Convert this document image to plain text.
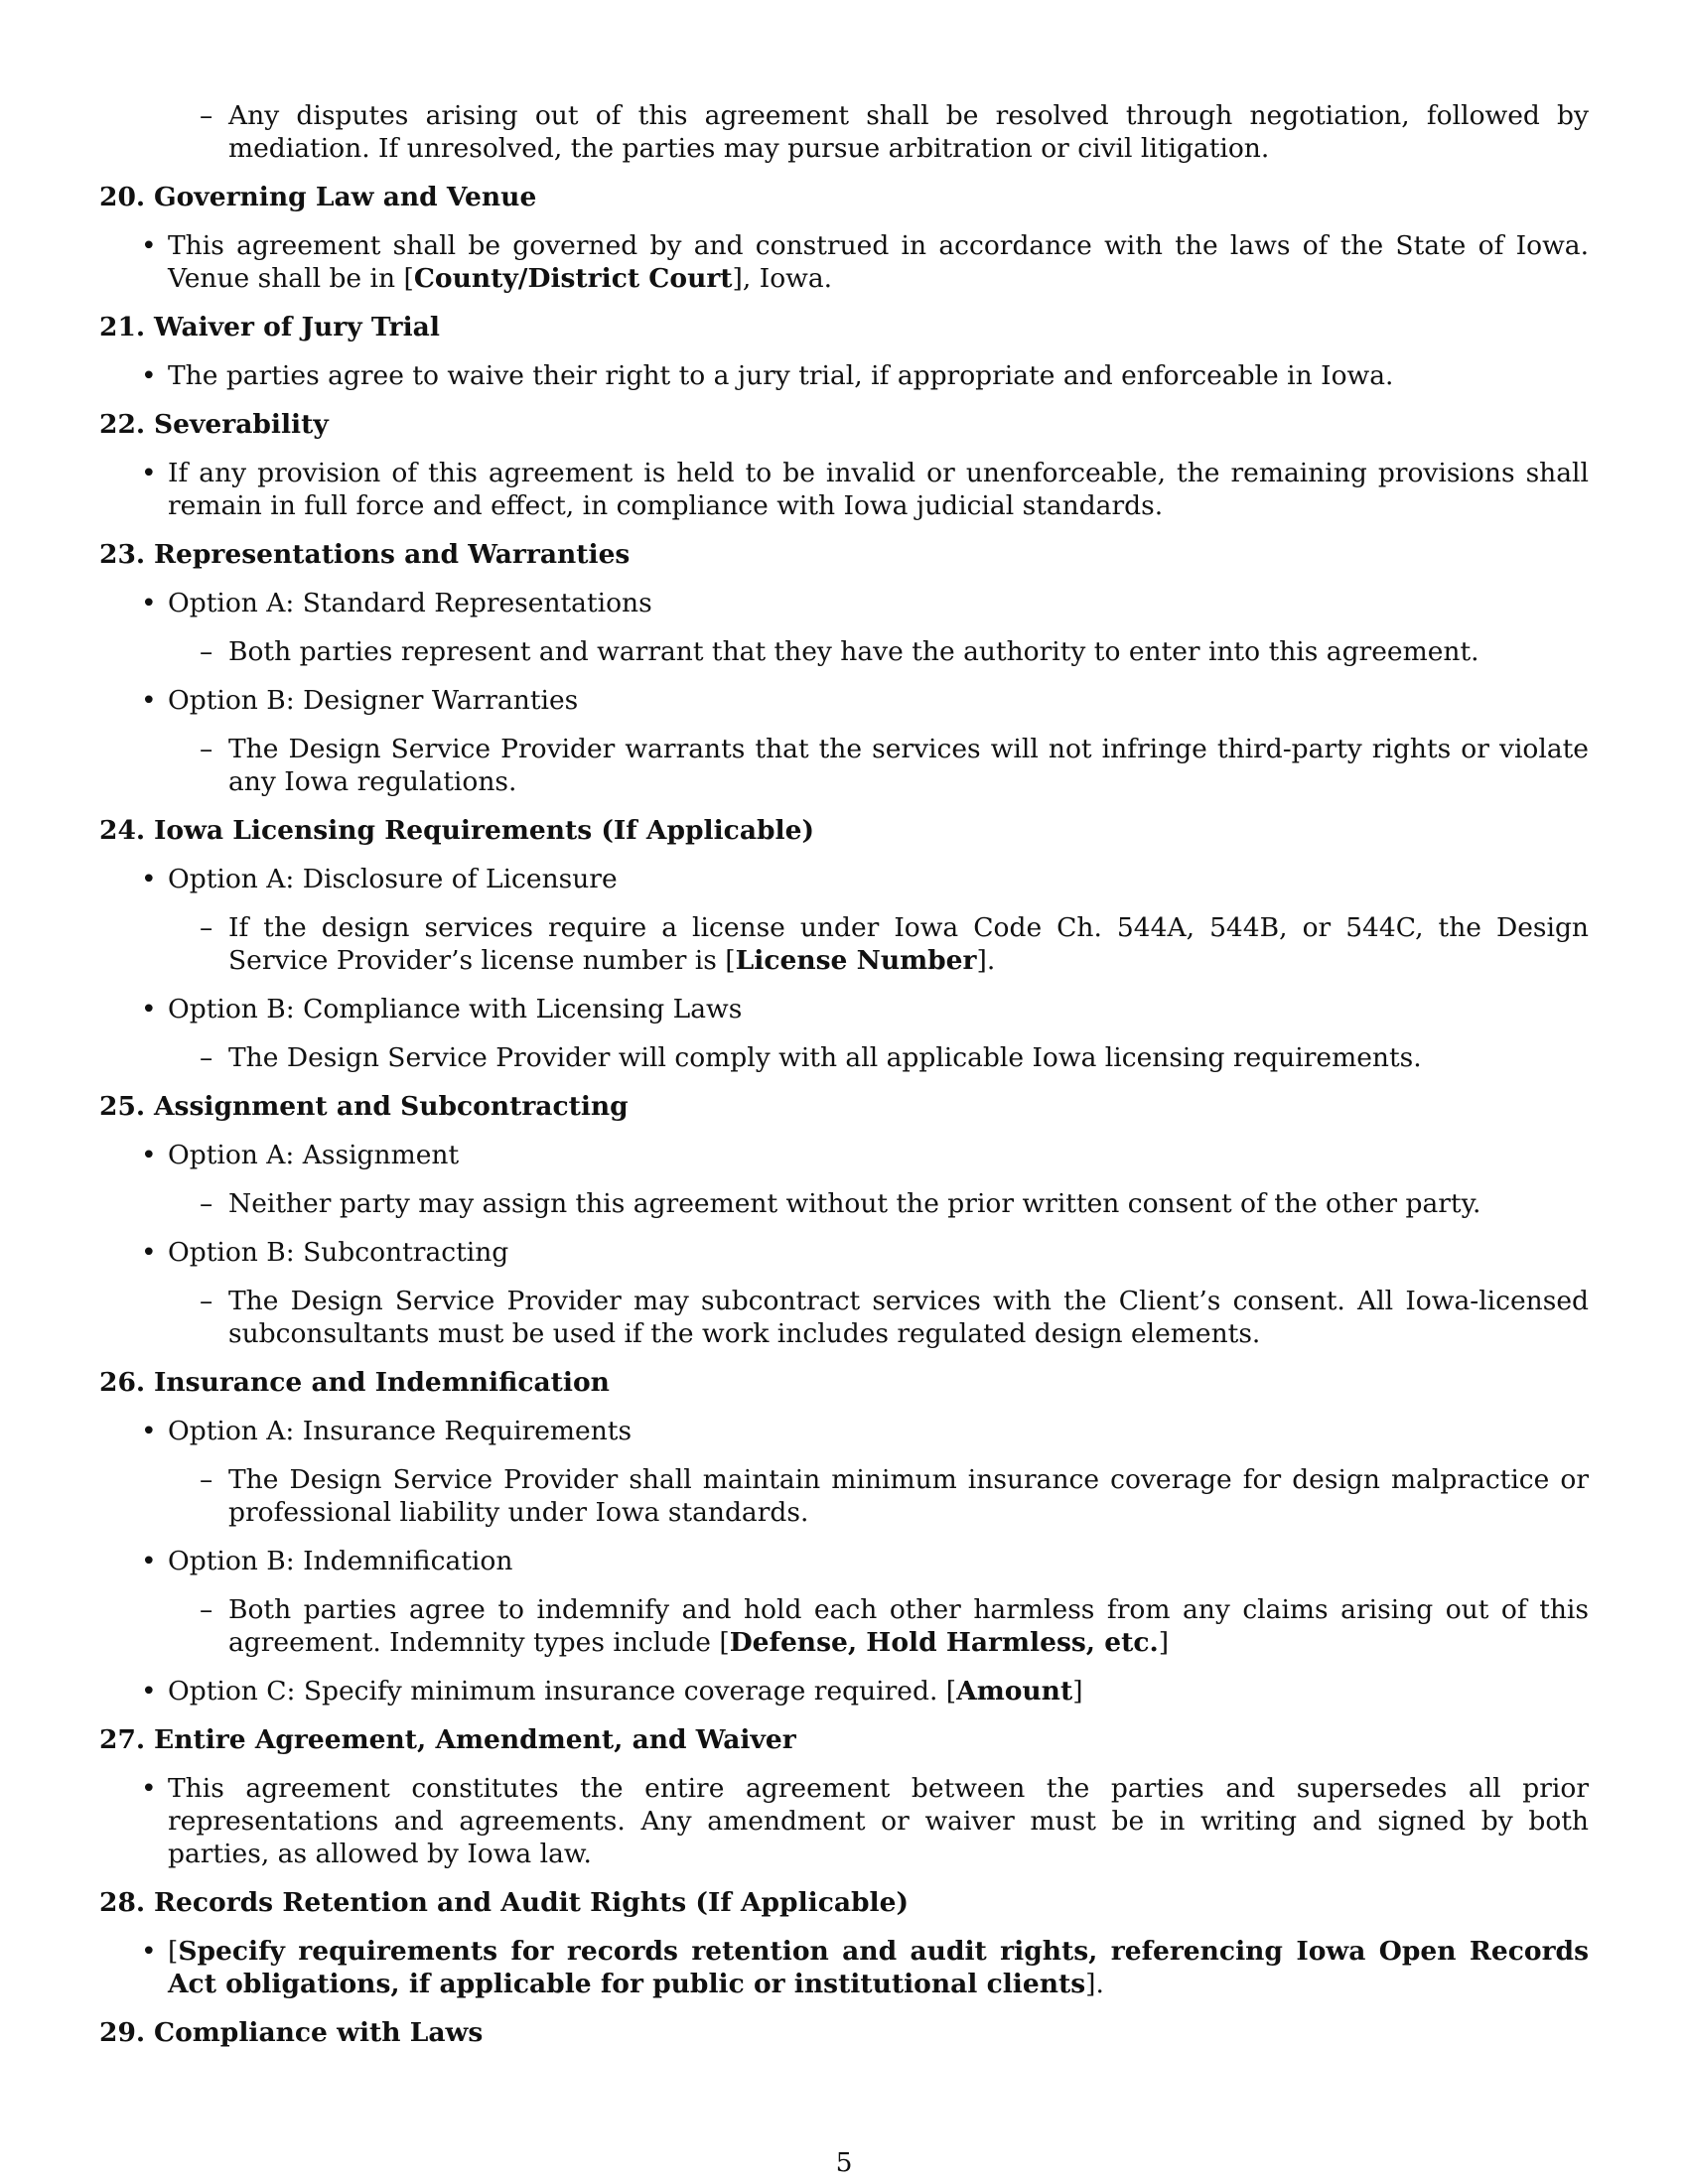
– Any disputes arising out of this agreement shall be resolved through negotiation, followed by mediation. If unresolved, the parties may pursue arbitration or civil litigation.
20. Governing Law and Venue
• This agreement shall be governed by and construed in accordance with the laws of the State of Iowa. Venue shall be in [County/District Court], Iowa.
21. Waiver of Jury Trial
• The parties agree to waive their right to a jury trial, if appropriate and enforceable in Iowa.
22. Severability
• If any provision of this agreement is held to be invalid or unenforceable, the remaining provisions shall remain in full force and effect, in compliance with Iowa judicial standards.
23. Representations and Warranties
• Option A: Standard Representations
– Both parties represent and warrant that they have the authority to enter into this agreement.
• Option B: Designer Warranties
– The Design Service Provider warrants that the services will not infringe third-party rights or violate any Iowa regulations.
24. Iowa Licensing Requirements (If Applicable)
• Option A: Disclosure of Licensure
– If the design services require a license under Iowa Code Ch. 544A, 544B, or 544C, the Design Service Provider’s license number is [License Number].
• Option B: Compliance with Licensing Laws
– The Design Service Provider will comply with all applicable Iowa licensing requirements.
25. Assignment and Subcontracting
• Option A: Assignment
– Neither party may assign this agreement without the prior written consent of the other party.
• Option B: Subcontracting
– The Design Service Provider may subcontract services with the Client’s consent. All Iowa-licensed subconsultants must be used if the work includes regulated design elements.
26. Insurance and Indemnification
• Option A: Insurance Requirements
– The Design Service Provider shall maintain minimum insurance coverage for design malpractice or professional liability under Iowa standards.
• Option B: Indemnification
– Both parties agree to indemnify and hold each other harmless from any claims arising out of this agreement. Indemnity types include [Defense, Hold Harmless, etc.]
• Option C: Specify minimum insurance coverage required. [Amount]
27. Entire Agreement, Amendment, and Waiver
• This agreement constitutes the entire agreement between the parties and supersedes all prior representations and agreements. Any amendment or waiver must be in writing and signed by both parties, as allowed by Iowa law.
28. Records Retention and Audit Rights (If Applicable)
• [Specify requirements for records retention and audit rights, referencing Iowa Open Records Act obligations, if applicable for public or institutional clients].
29. Compliance with Laws
5
